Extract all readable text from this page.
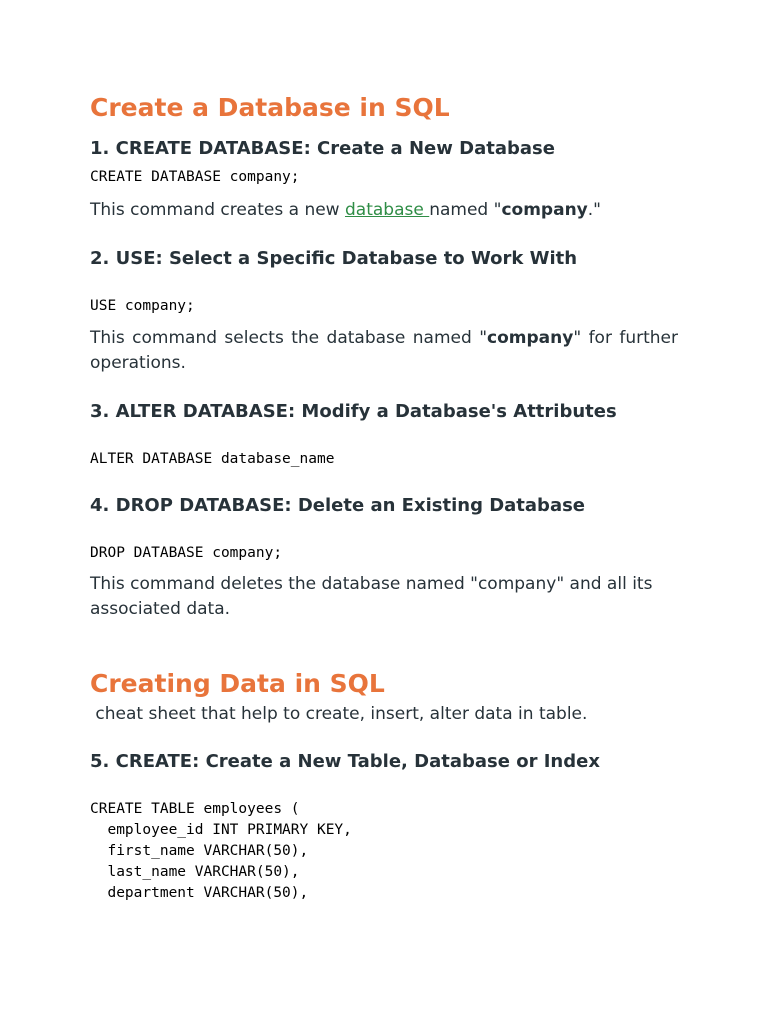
Create a Database in SQL
1. CREATE DATABASE: Create a New Database
CREATE DATABASE company;

This command creates a new database named "company."

2. USE: Select a Specific Database to Work With
USE company;

This command selects the database named "company" for further operations.

3. ALTER DATABASE: Modify a Database's Attributes
ALTER DATABASE database_name
4. DROP DATABASE: Delete an Existing Database
DROP DATABASE company;

This command deletes the database named "company" and all its associated data.

Creating Data in SQL

cheat sheet that help to create, insert, alter data in table.

5. CREATE: Create a New Table, Database or Index
CREATE TABLE employees (
employee_id INT PRIMARY KEY,
first_name VARCHAR(50),
last_name VARCHAR(50),
department VARCHAR(50),
